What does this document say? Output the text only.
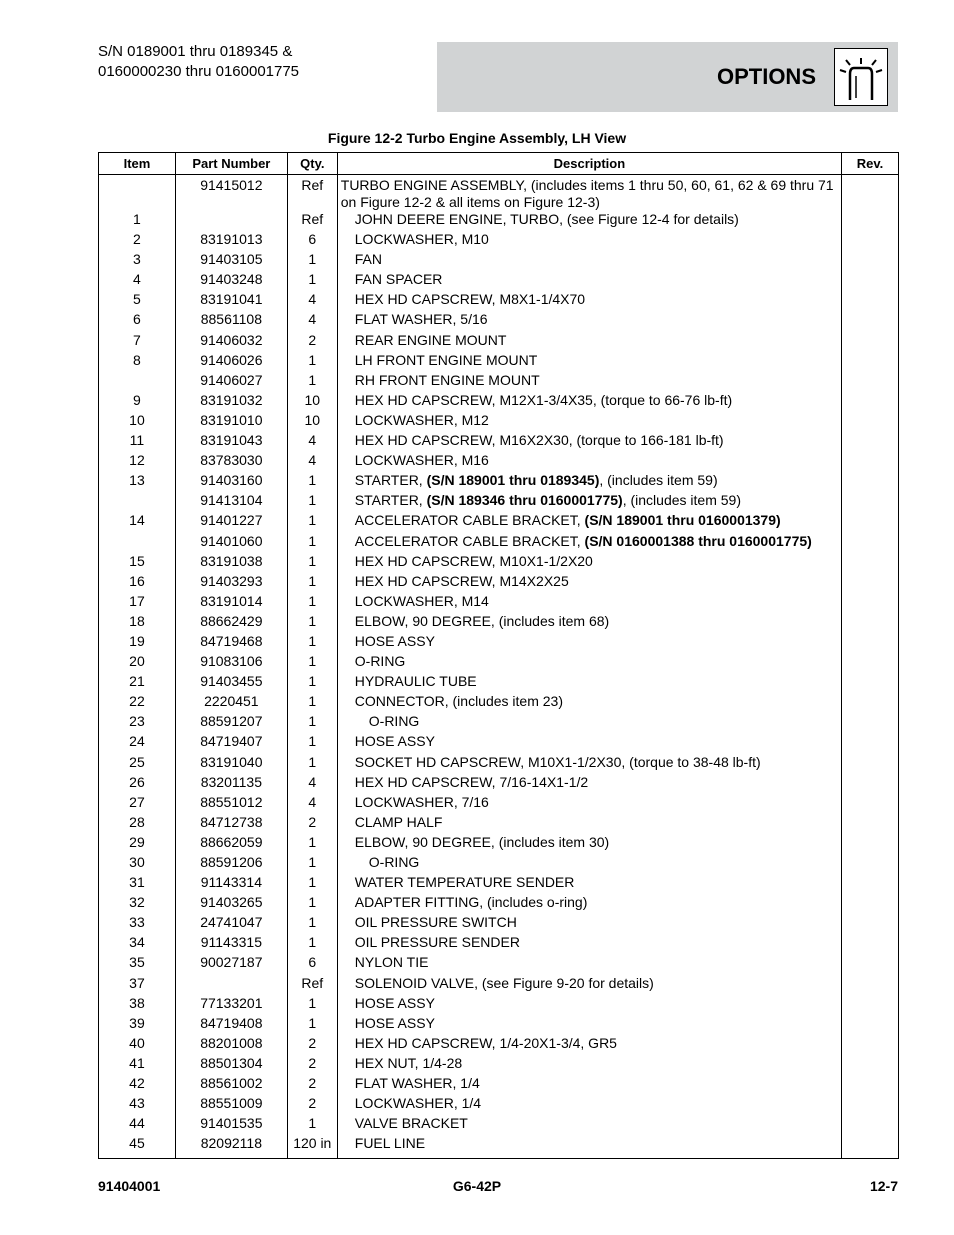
S/N 0189001 thru 0189345 &
0160000230 thru 0160001775	OPTIONS
Figure 12-2 Turbo Engine Assembly, LH View
Item	Part Number	Qty.	Description	Rev.
	91415012	Ref	TURBO ENGINE ASSEMBLY, (includes items 1 thru 50, 60, 61, 62 & 69 thru 71
on Figure 12-2 & all items on Figure 12-3)	

1		Ref	JOHN DEERE ENGINE, TURBO, (see Figure 12-4 for details)	
2	83191013	6	LOCKWASHER, M10	
3	91403105	1	FAN	
4	91403248	1	FAN SPACER	
5	83191041	4	HEX HD CAPSCREW, M8X1-1/4X70	
6	88561108	4	FLAT WASHER, 5/16	
7	91406032	2	REAR ENGINE MOUNT	
8	91406026	1	LH FRONT ENGINE MOUNT	
	91406027	1	RH FRONT ENGINE MOUNT	
9	83191032	10	HEX HD CAPSCREW, M12X1-3/4X35, (torque to 66-76 lb-ft)	
10	83191010	10	LOCKWASHER, M12	
11	83191043	4	HEX HD CAPSCREW, M16X2X30, (torque to 166-181 lb-ft)	
12	83783030	4	LOCKWASHER, M16	
13	91403160	1	STARTER, (S/N 189001 thru 0189345), (includes item 59)	
	91413104	1	STARTER, (S/N 189346 thru 0160001775), (includes item 59)	
14	91401227	1	ACCELERATOR CABLE BRACKET, (S/N 189001 thru 0160001379)	
	91401060	1	ACCELERATOR CABLE BRACKET, (S/N 0160001388 thru 0160001775)	
15	83191038	1	HEX HD CAPSCREW, M10X1-1/2X20	
16	91403293	1	HEX HD CAPSCREW, M14X2X25	
17	83191014	1	LOCKWASHER, M14	
18	88662429	1	ELBOW, 90 DEGREE, (includes item 68)	
19	84719468	1	HOSE ASSY	
20	91083106	1	O-RING	
21	91403455	1	HYDRAULIC TUBE	
22	2220451	1	CONNECTOR, (includes item 23)	
23	88591207	1	O-RING	
24	84719407	1	HOSE ASSY	
25	83191040	1	SOCKET HD CAPSCREW, M10X1-1/2X30, (torque to 38-48 lb-ft)	
26	83201135	4	HEX HD CAPSCREW, 7/16-14X1-1/2	
27	88551012	4	LOCKWASHER, 7/16	
28	84712738	2	CLAMP HALF	
29	88662059	1	ELBOW, 90 DEGREE, (includes item 30)	
30	88591206	1	O-RING	
31	91143314	1	WATER TEMPERATURE SENDER	
32	91403265	1	ADAPTER FITTING, (includes o-ring)	
33	24741047	1	OIL PRESSURE SWITCH	
34	91143315	1	OIL PRESSURE SENDER	
35	90027187	6	NYLON TIE	
37		Ref	SOLENOID VALVE, (see Figure 9-20 for details)	
38	77133201	1	HOSE ASSY	
39	84719408	1	HOSE ASSY	
40	88201008	2	HEX HD CAPSCREW, 1/4-20X1-3/4, GR5	
41	88501304	2	HEX NUT, 1/4-28	
42	88561002	2	FLAT WASHER, 1/4	
43	88551009	2	LOCKWASHER, 1/4	
44	91401535	1	VALVE BRACKET	
45	82092118	120 in	FUEL LINE	
91404001	G6-42P	12-7
